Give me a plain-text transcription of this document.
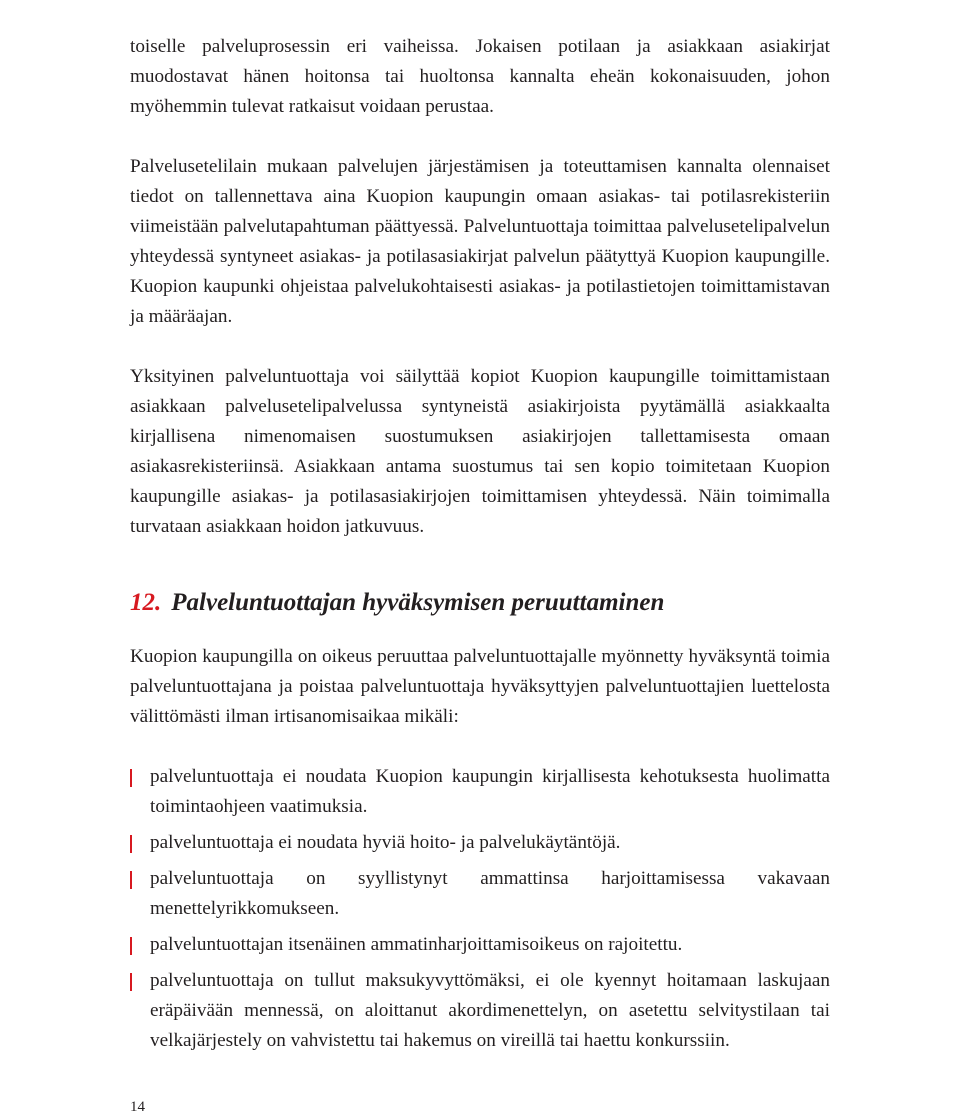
toiselle palveluprosessin eri vaiheissa. Jokaisen potilaan ja asiakkaan asiakirjat muodostavat hänen hoitonsa tai huoltonsa kannalta eheän kokonaisuuden, johon myöhemmin tulevat ratkaisut voidaan perustaa.

Palvelusetelilain mukaan palvelujen järjestämisen ja toteuttamisen kannalta olennaiset tiedot on tallennettava aina Kuopion kaupungin omaan asiakas- tai potilasrekisteriin viimeistään palvelutapahtuman päättyessä. Palveluntuottaja toimittaa palvelusetelipalvelun yhteydessä syntyneet asiakas- ja potilasasiakirjat palvelun päätyttyä Kuopion kaupungille. Kuopion kaupunki ohjeistaa palvelukohtaisesti asiakas- ja potilastietojen toimittamistavan ja määräajan.

Yksityinen palveluntuottaja voi säilyttää kopiot Kuopion kaupungille toimittamistaan asiakkaan palvelusetelipalvelussa syntyneistä asiakirjoista pyytämällä asiakkaalta kirjallisena nimenomaisen suostumuksen asiakirjojen tallettamisesta omaan asiakasrekisteriinsä. Asiakkaan antama suostumus tai sen kopio toimitetaan Kuopion kaupungille asiakas- ja potilasasiakirjojen toimittamisen yhteydessä. Näin toimimalla turvataan asiakkaan hoidon jatkuvuus.

12. Palveluntuottajan hyväksymisen peruuttaminen

Kuopion kaupungilla on oikeus peruuttaa palveluntuottajalle myönnetty hyväksyntä toimia palveluntuottajana ja poistaa palveluntuottaja hyväksyttyjen palveluntuottajien luettelosta välittömästi ilman irtisanomisaikaa mikäli:

palveluntuottaja ei noudata Kuopion kaupungin kirjallisesta kehotuksesta huolimatta toimintaohjeen vaatimuksia.
palveluntuottaja ei noudata hyviä hoito- ja palvelukäytäntöjä.
palveluntuottaja on syyllistynyt ammattinsa harjoittamisessa vakavaan menettelyrikkomukseen.
palveluntuottajan itsenäinen ammatinharjoittamisoikeus on rajoitettu.
palveluntuottaja on tullut maksukyvyttömäksi, ei ole kyennyt hoitamaan laskujaan eräpäivään mennessä, on aloittanut akordimenettelyn, on asetettu selvitystilaan tai velkajärjestely on vahvistettu tai hakemus on vireillä tai haettu konkurssiin.
14
